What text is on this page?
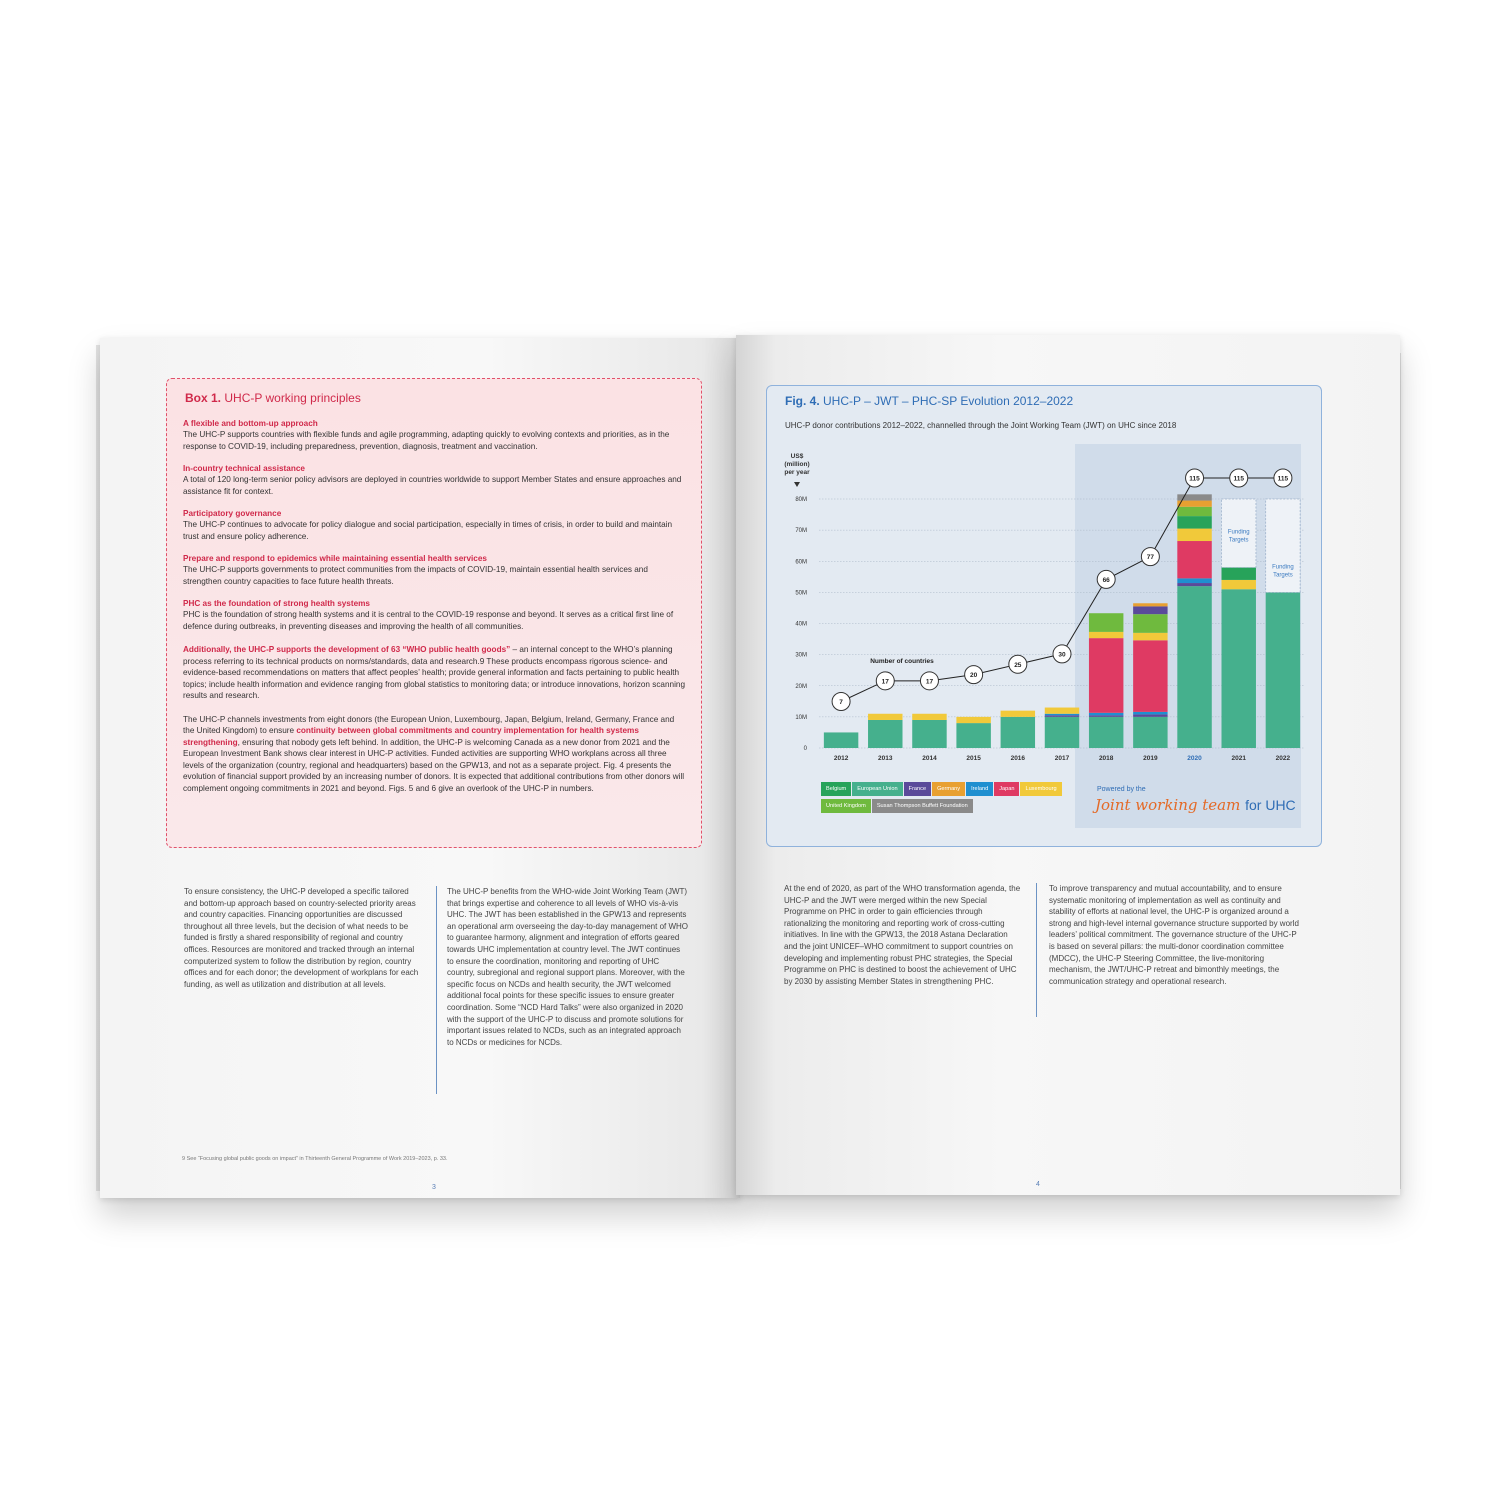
Box 1. UHC-P working principles
A flexible and bottom-up approach

The UHC-P supports countries with flexible funds and agile programming, adapting quickly to evolving contexts and priorities, as in the response to COVID-19, including preparedness, prevention, diagnosis, treatment and vaccination.

In-country technical assistance

A total of 120 long-term senior policy advisors are deployed in countries worldwide to support Member States and ensure approaches and assistance fit for context.

Participatory governance

The UHC-P continues to advocate for policy dialogue and social participation, especially in times of crisis, in order to build and maintain trust and ensure policy adherence.

Prepare and respond to epidemics while maintaining essential health services

The UHC-P supports governments to protect communities from the impacts of COVID-19, maintain essential health services and strengthen country capacities to face future health threats.

PHC as the foundation of strong health systems

PHC is the foundation of strong health systems and it is central to the COVID-19 response and beyond. It serves as a critical first line of defence during outbreaks, in preventing diseases and improving the health of all communities.

Additionally, the UHC-P supports the development of 63 “WHO public health goods” – an internal concept to the WHO’s planning process referring to its technical products on norms/standards, data and research.9 These products encompass rigorous science- and evidence-based recommendations on matters that affect peoples’ health; provide general information and facts pertaining to public health topics; include health information and evidence ranging from global statistics to monitoring data; or introduce innovations, horizon scanning results and research.

The UHC-P channels investments from eight donors (the European Union, Luxembourg, Japan, Belgium, Ireland, Germany, France and the United Kingdom) to ensure continuity between global commitments and country implementation for health systems strengthening, ensuring that nobody gets left behind. In addition, the UHC-P is welcoming Canada as a new donor from 2021 and the European Investment Bank shows clear interest in UHC-P activities. Funded activities are supporting WHO workplans across all three levels of the organization (country, regional and headquarters) based on the GPW13, and not as a separate project. Fig. 4 presents the evolution of financial support provided by an increasing number of donors. It is expected that additional contributions from other donors will complement ongoing commitments in 2021 and beyond. Figs. 5 and 6 give an overlook of the UHC-P in numbers.

To ensure consistency, the UHC-P developed a specific tailored and bottom-up approach based on country-selected priority areas and country capacities. Financing opportunities are discussed throughout all three levels, but the decision of what needs to be funded is firstly a shared responsibility of regional and country offices. Resources are monitored and tracked through an internal computerized system to follow the distribution by region, country offices and for each donor; the development of workplans for each funding, as well as utilization and distribution at all levels.
The UHC-P benefits from the WHO-wide Joint Working Team (JWT) that brings expertise and coherence to all levels of WHO vis-à-vis UHC. The JWT has been established in the GPW13 and represents an operational arm overseeing the day-to-day management of WHO to guarantee harmony, alignment and integration of efforts geared towards UHC implementation at country level. The JWT continues to ensure the coordination, monitoring and reporting of UHC country, subregional and regional support plans. Moreover, with the specific focus on NCDs and health security, the JWT welcomed additional focal points for these specific issues to ensure greater coordination. Some “NCD Hard Talks” were also organized in 2020 with the support of the UHC-P to discuss and promote solutions for important issues related to NCDs, such as an integrated approach to NCDs or medicines for NCDs.
9 See “Focusing global public goods on impact” in Thirteenth General Programme of Work 2019–2023, p. 33.
3
Fig. 4. UHC-P – JWT – PHC-SP Evolution 2012–2022
UHC-P donor contributions 2012–2022, channelled through the Joint Working Team (JWT) on UHC since 2018
US$
(million)
per year
0
10M
20M
30M
40M
50M
60M
70M
80M
2012	2013	2014	2015	2016	2017	2018	2019	2020
Funding
Targets
2021
Funding
Targets
2022
7
17	17
20
25
30
66
77
115	115	115
Number of countries
Belgium	European Union	France	Germany	Ireland	Japan	Luxembourg
United Kingdom	Susan Thompson Buffett Foundation
Powered by the
Joint working team for UHC
At the end of 2020, as part of the WHO transformation agenda, the UHC-P and the JWT were merged within the new Special Programme on PHC in order to gain efficiencies through rationalizing the monitoring and reporting work of cross-cutting initiatives. In line with the GPW13, the 2018 Astana Declaration and the joint UNICEF–WHO commitment to support countries on developing and implementing robust PHC strategies, the Special Programme on PHC is destined to boost the achievement of UHC by 2030 by assisting Member States in strengthening PHC.
To improve transparency and mutual accountability, and to ensure systematic monitoring of implementation as well as continuity and stability of efforts at national level, the UHC-P is organized around a strong and high-level internal governance structure supported by world leaders’ political commitment. The governance structure of the UHC-P is based on several pillars: the multi-donor coordination committee (MDCC), the UHC-P Steering Committee, the live-monitoring mechanism, the JWT/UHC-P retreat and bimonthly meetings, the communication strategy and operational research.
4
